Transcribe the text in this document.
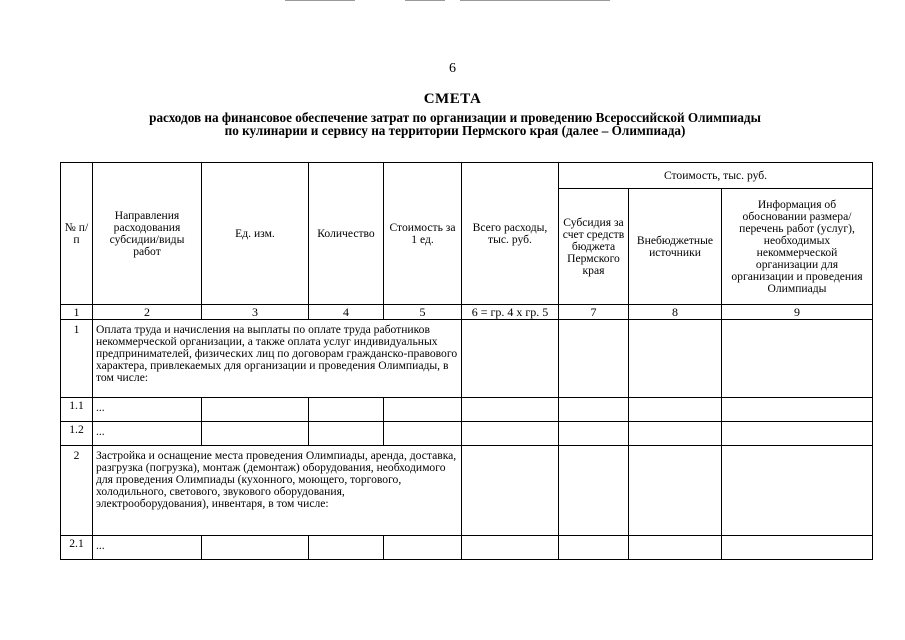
6
СМЕТА
расходов на финансовое обеспечение затрат по организации и проведению Всероссийской Олимпиады
по кулинарии и сервису на территории Пермского края (далее – Олимпиада)
№ п/п	Направления расходования субсидии/виды работ	Ед. изм.	Количество	Стоимость за 1 ед.	Всего расходы, тыс. руб.	Стоимость, тыс. руб.		
						Субсидия за счет средств бюджета Пермского края	Внебюджетные источники	Информация об обосновании размера/ перечень работ (услуг), необходимых некоммерческой организации для организации и проведения Олимпиады
1	2	3	4	5	6 = гр. 4 х гр. 5	7	8	9
1	Оплата труда и начисления на выплаты по оплате труда работников некоммерческой организации, а также оплата услуг индивидуальных предпринимателей, физических лиц по договорам гражданско-правового характера, привлекаемых для организации и проведения Олимпиады, в том числе:							
1.1	...							
1.2	...							
2	Застройка и оснащение места проведения Олимпиады, аренда, доставка, разгрузка (погрузка), монтаж (демонтаж) оборудования, необходимого для проведения Олимпиады (кухонного, моющего, торгового, холодильного, светового, звукового оборудования, электрооборудования), инвентаря, в том числе:							
2.1	...							
